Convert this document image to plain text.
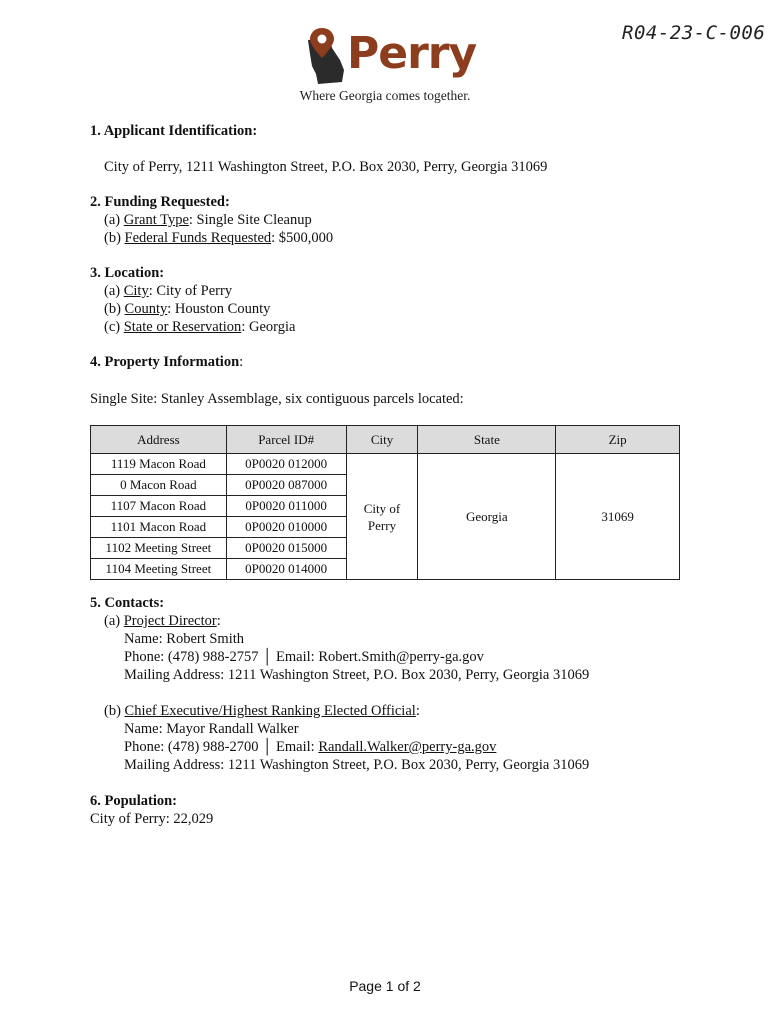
R04-23-C-006
Perry
Where Georgia comes together.
1. Applicant Identification:
City of Perry, 1211 Washington Street, P.O. Box 2030, Perry, Georgia 31069
2. Funding Requested:
(a) Grant Type: Single Site Cleanup
(b) Federal Funds Requested: $500,000
3. Location:
(a) City: City of Perry
(b) County: Houston County
(c) State or Reservation: Georgia
4. Property Information:
Single Site: Stanley Assemblage, six contiguous parcels located:
Address	Parcel ID#	City	State	Zip
1119 Macon Road	0P0020 012000	City of Perry	Georgia	31069
0 Macon Road	0P0020 087000			
1107 Macon Road	0P0020 011000			
1101 Macon Road	0P0020 010000			
1102 Meeting Street	0P0020 015000			
1104 Meeting Street	0P0020 014000			
5. Contacts:
(a) Project Director:
Name: Robert Smith
Phone: (478) 988-2757 │ Email: Robert.Smith@perry-ga.gov
Mailing Address: 1211 Washington Street, P.O. Box 2030, Perry, Georgia 31069
(b) Chief Executive/Highest Ranking Elected Official:
Name: Mayor Randall Walker
Phone: (478) 988-2700 │ Email: Randall.Walker@perry-ga.gov
Mailing Address: 1211 Washington Street, P.O. Box 2030, Perry, Georgia 31069
6. Population:
City of Perry: 22,029
Page 1 of 2
